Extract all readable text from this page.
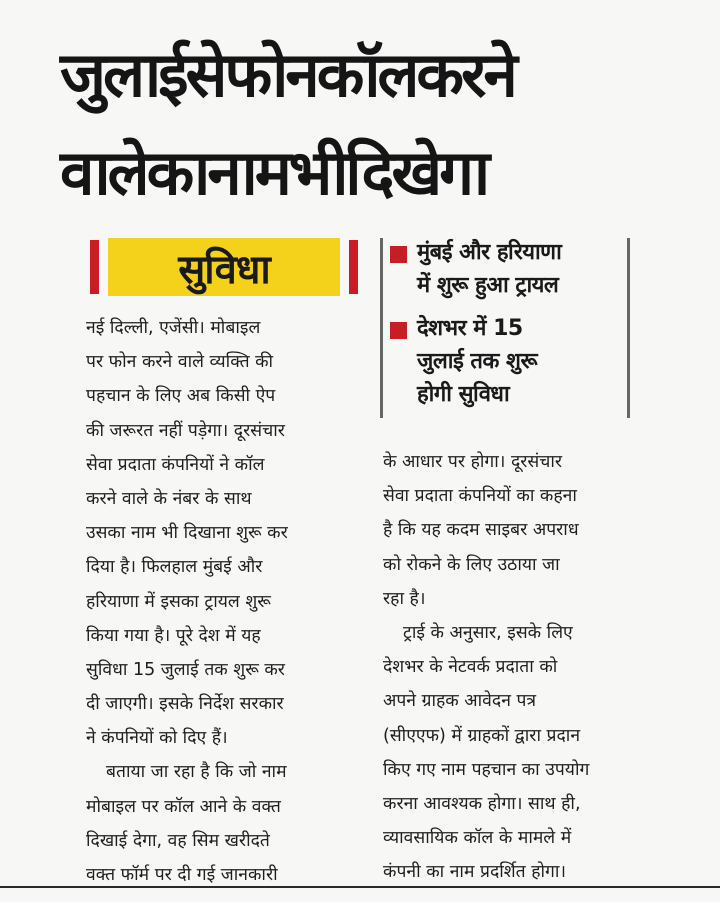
जुलाईसेफोनकॉलकरने
वालेकानामभीदिखेगा
सुविधा	मुंबई और हरियाणा
में शुरू हुआ ट्रायल
देशभर में 15
जुलाई तक शुरू
होगी सुविधा
नई दिल्ली, एजेंसी। मोबाइल
पर फोन करने वाले व्यक्ति की
पहचान के लिए अब किसी ऐप
की जरूरत नहीं पड़ेगा। दूरसंचार
सेवा प्रदाता कंपनियों ने कॉल
करने वाले के नंबर के साथ
उसका नाम भी दिखाना शुरू कर
दिया है। फिलहाल मुंबई और
हरियाणा में इसका ट्रायल शुरू
किया गया है। पूरे देश में यह
सुविधा 15 जुलाई तक शुरू कर
दी जाएगी। इसके निर्देश सरकार
ने कंपनियों को दिए हैं।
बताया जा रहा है कि जो नाम
मोबाइल पर कॉल आने के वक्त
दिखाई देगा, वह सिम खरीदते
वक्त फॉर्म पर दी गई जानकारी
के आधार पर होगा। दूरसंचार
सेवा प्रदाता कंपनियों का कहना
है कि यह कदम साइबर अपराध
को रोकने के लिए उठाया जा
रहा है।
ट्राई के अनुसार, इसके लिए
देशभर के नेटवर्क प्रदाता को
अपने ग्राहक आवेदन पत्र
(सीएएफ) में ग्राहकों द्वारा प्रदान
किए गए नाम पहचान का उपयोग
करना आवश्यक होगा। साथ ही,
व्यावसायिक कॉल के मामले में
कंपनी का नाम प्रदर्शित होगा।
